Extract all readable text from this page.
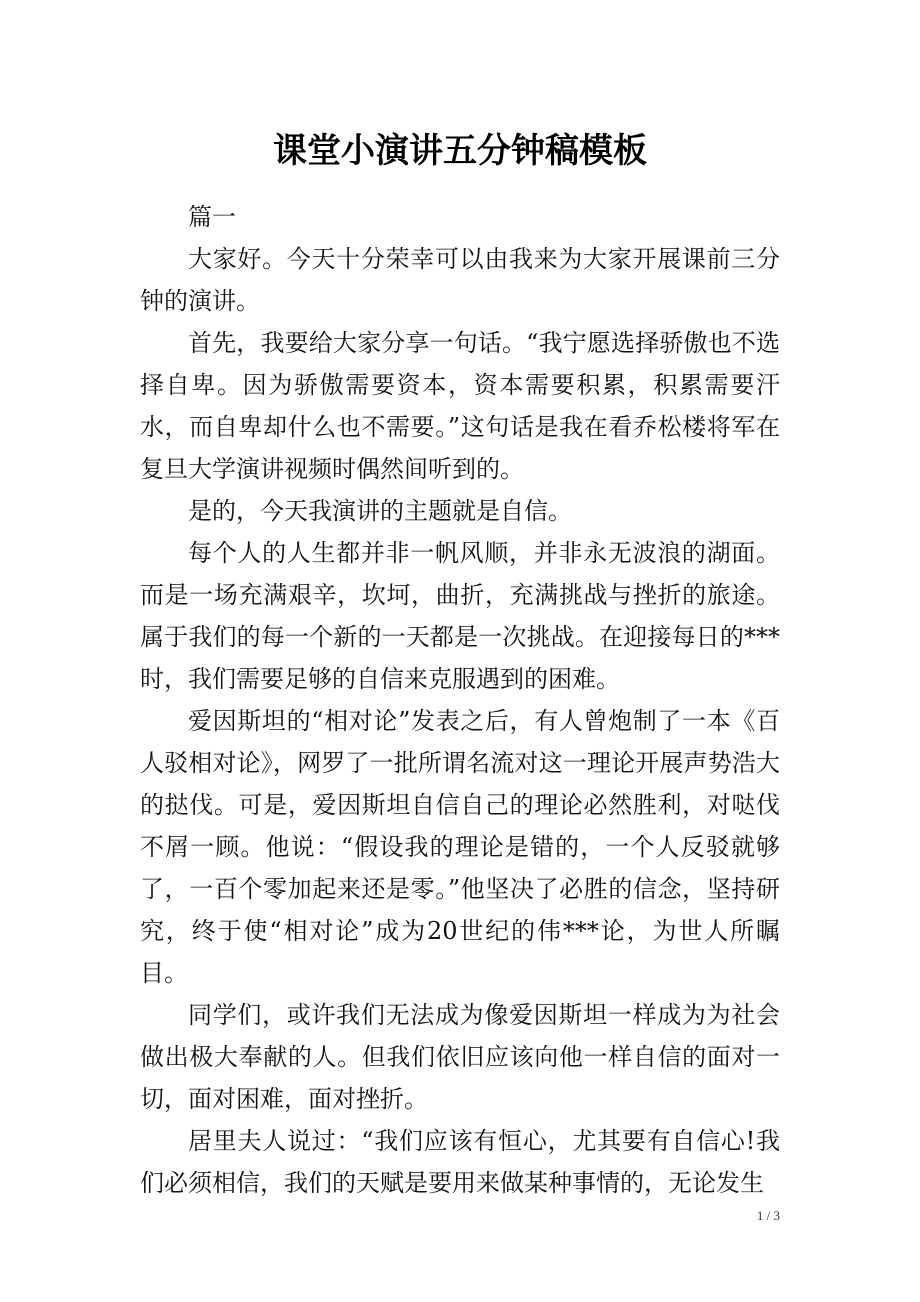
课堂小演讲五分钟稿模板

篇一

大家好。今天十分荣幸可以由我来为大家开展课前三分钟的演讲。

首先，我要给大家分享一句话。“我宁愿选择骄傲也不选择自卑。因为骄傲需要资本，资本需要积累，积累需要汗水，而自卑却什么也不需要。”这句话是我在看乔松楼将军在复旦大学演讲视频时偶然间听到的。

是的，今天我演讲的主题就是自信。

每个人的人生都并非一帆风顺，并非永无波浪的湖面。而是一场充满艰辛，坎坷，曲折，充满挑战与挫折的旅途。属于我们的每一个新的一天都是一次挑战。在迎接每日的***时，我们需要足够的自信来克服遇到的困难。

爱因斯坦的“相对论”发表之后，有人曾炮制了一本《百人驳相对论》，网罗了一批所谓名流对这一理论开展声势浩大的挞伐。可是，爱因斯坦自信自己的理论必然胜利，对哒伐不屑一顾。他说：“假设我的理论是错的，一个人反驳就够了，一百个零加起来还是零。”他坚决了必胜的信念，坚持研究，终于使“相对论”成为20世纪的伟***论，为世人所瞩目。

同学们，或许我们无法成为像爱因斯坦一样成为为社会做出极大奉献的人。但我们依旧应该向他一样自信的面对一切，面对困难，面对挫折。

居里夫人说过：“我们应该有恒心，尤其要有自信心!我们必须相信，我们的天赋是要用来做某种事情的，无论发生

1 / 3
